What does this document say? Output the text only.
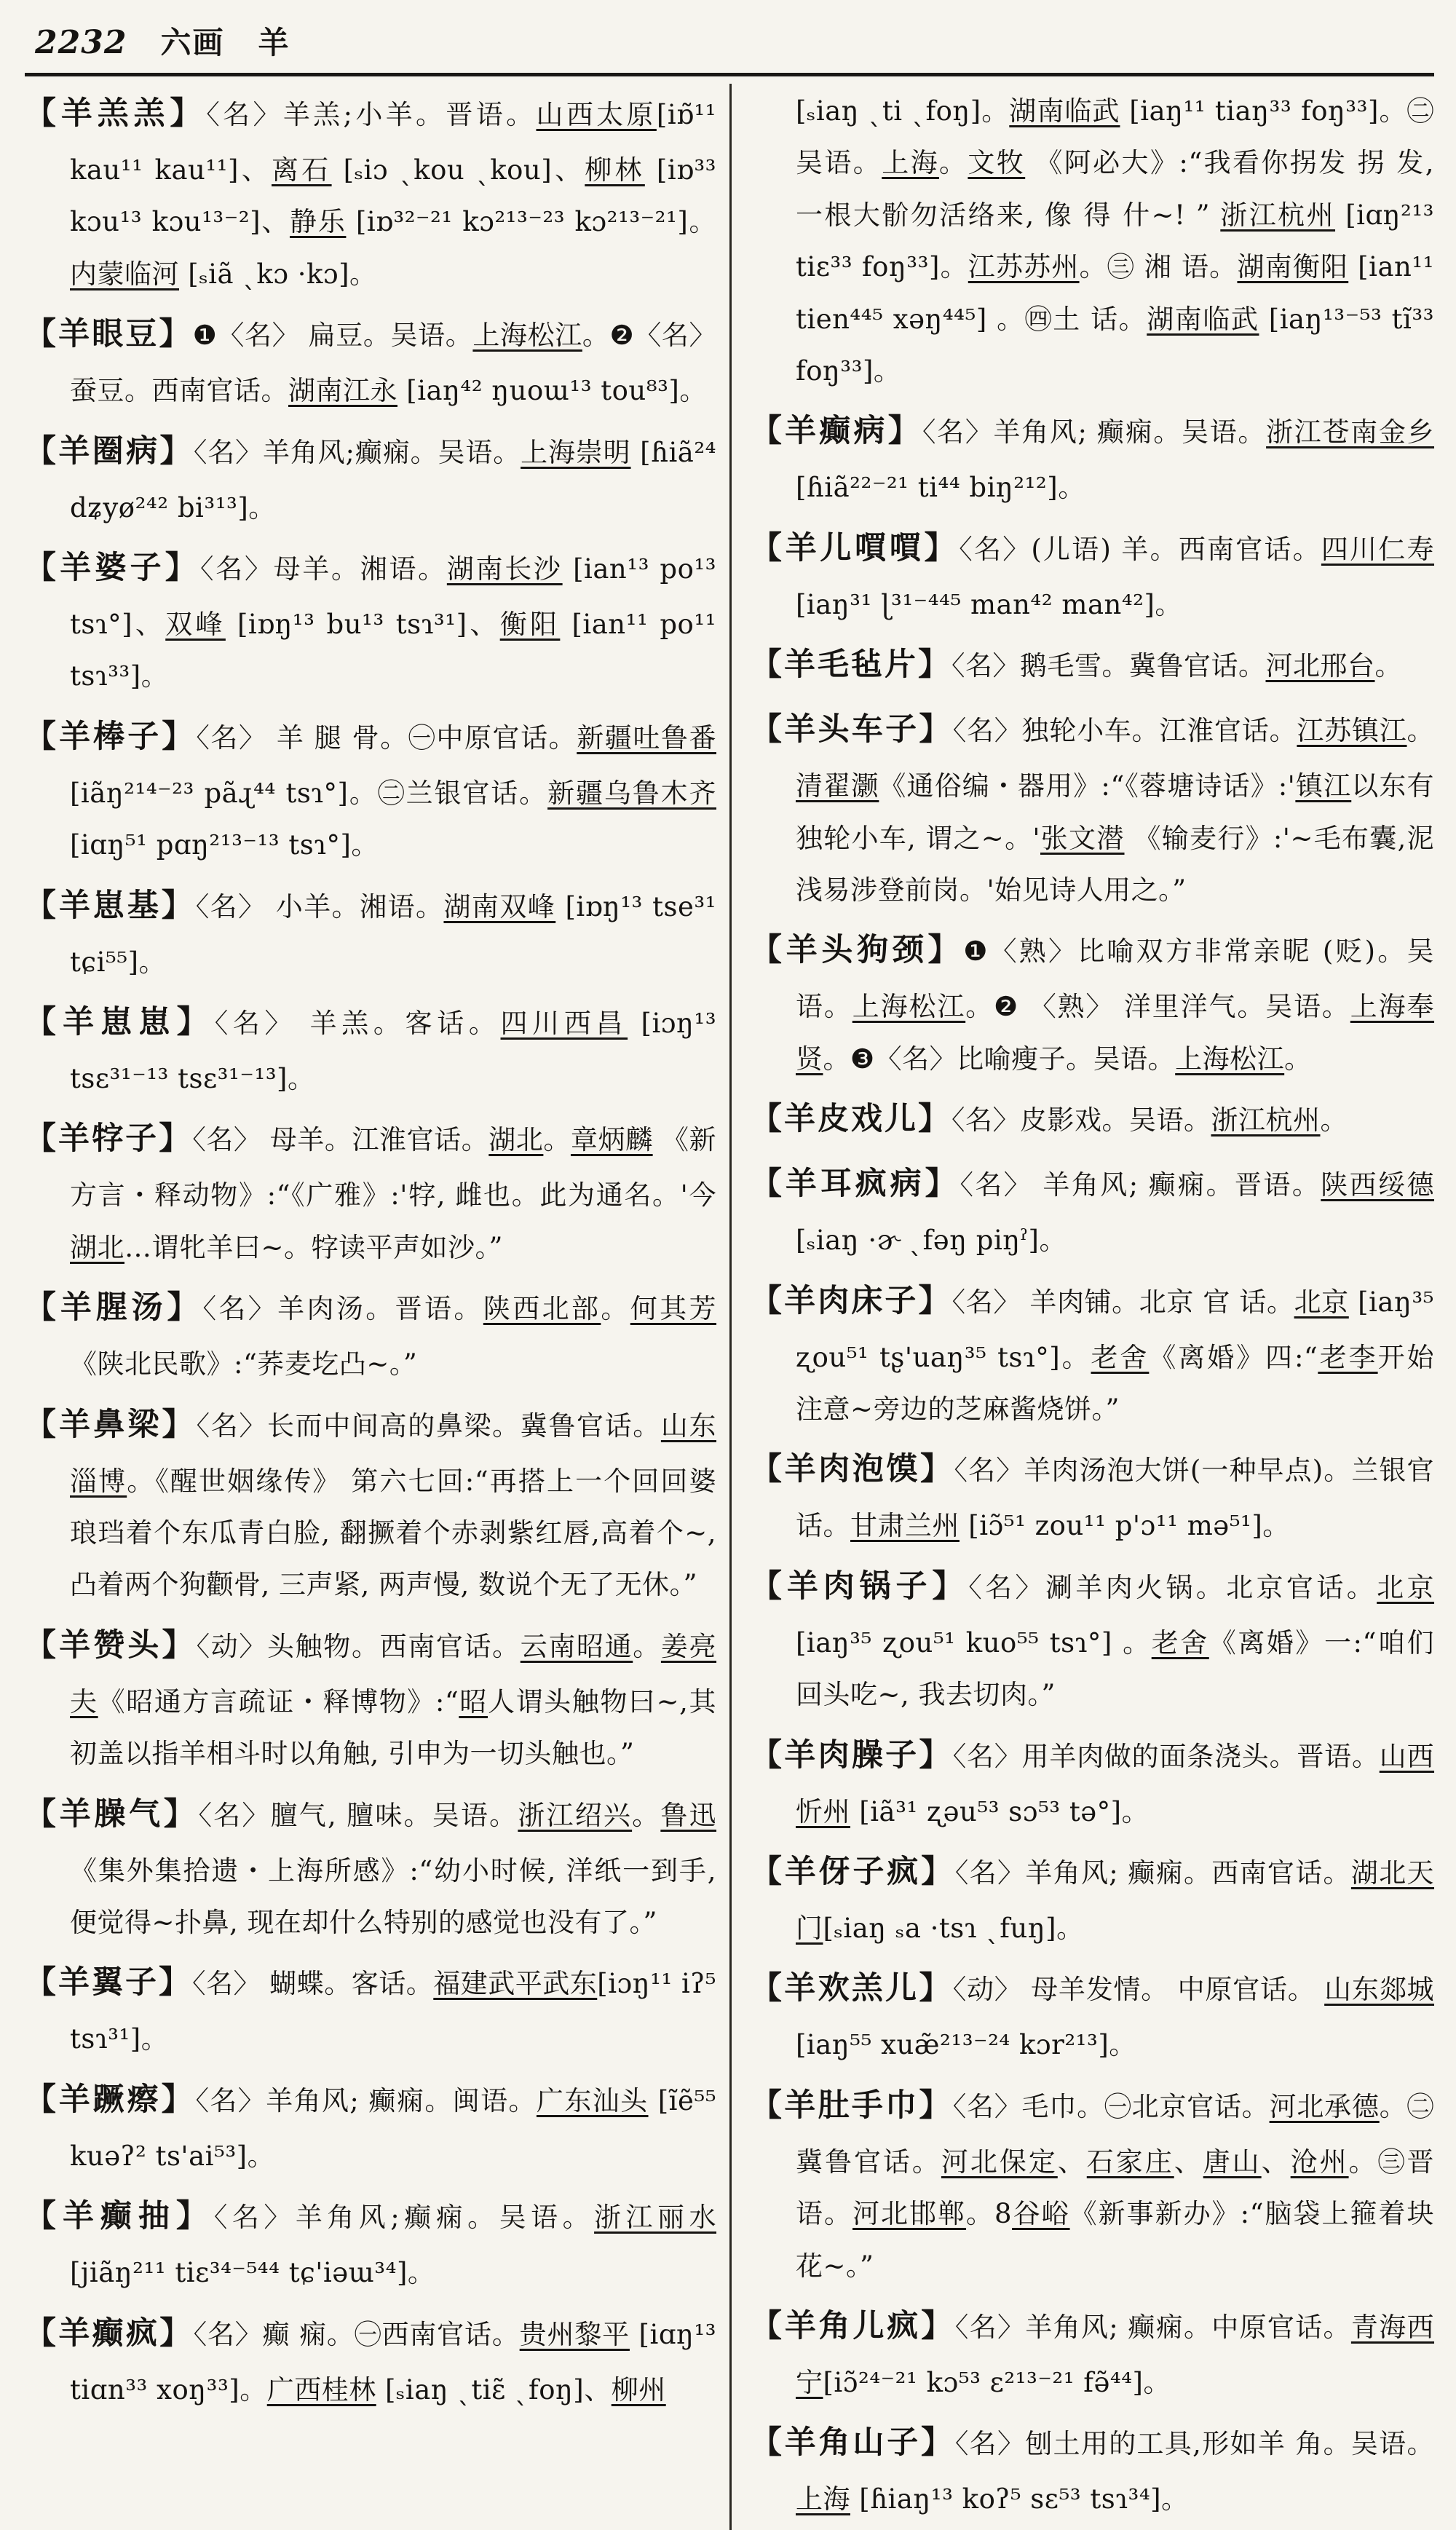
2232 六画 羊
【羊羔羔】〈名〉羊羔;小羊。晋语。山西太原[iɒ̃¹¹ kau¹¹ kau¹¹]、离石 [ₛiɔ ˎkou ˎkou]、柳林 [iɒ³³ kɔu¹³ kɔu¹³⁻²]、静乐 [iɒ³²⁻²¹ kɔ²¹³⁻²³ kɔ²¹³⁻²¹]。内蒙临河 [ₛiã ˎkɔ ·kɔ]。
【羊眼豆】❶〈名〉 扁豆。吴语。上海松江。❷〈名〉蚕豆。西南官话。湖南江永 [iaŋ⁴² ŋuoɯ¹³ tou⁸³]。
【羊圈病】〈名〉羊角风;癫痫。吴语。上海崇明 [ɦiã²⁴ dʑyø²⁴² bi³¹³]。
【羊婆子】〈名〉母羊。湘语。湖南长沙 [ian¹³ po¹³ tsɿ°]、双峰 [iɒŋ¹³ bu¹³ tsɿ³¹]、衡阳 [ian¹¹ po¹¹ tsɿ³³]。
【羊棒子】〈名〉 羊 腿 骨。㊀中原官话。新疆吐鲁番 [iãŋ²¹⁴⁻²³ pãɻ⁴⁴ tsɿ°]。㊁兰银官话。新疆乌鲁木齐 [iɑŋ⁵¹ pɑŋ²¹³⁻¹³ tsɿ°]。
【羊崽基】〈名〉 小羊。湘语。湖南双峰 [iɒŋ¹³ tse³¹ tɕi⁵⁵]。
【羊崽崽】〈名〉 羊羔。客话。四川西昌 [iɔŋ¹³ tsɛ³¹⁻¹³ tsɛ³¹⁻¹³]。
【羊牸子】〈名〉 母羊。江淮官话。湖北。章炳麟 《新方言・释动物》:“《广雅》:'牸, 雌也。此为通名。'今湖北…谓牝羊曰~。牸读平声如沙。”
【羊腥汤】〈名〉羊肉汤。晋语。陕西北部。何其芳《陕北民歌》:“荞麦圪凸~。”
【羊鼻梁】〈名〉长而中间高的鼻梁。冀鲁官话。山东淄博。《醒世姻缘传》 第六七回:“再搭上一个回回婆琅珰着个东瓜青白脸, 翻撅着个赤剥紫红唇,高着个~, 凸着两个狗颧骨, 三声紧, 两声慢, 数说个无了无休。”
【羊赞头】〈动〉头触物。西南官话。云南昭通。姜亮夫《昭通方言疏证・释博物》:“昭人谓头触物曰~,其初盖以指羊相斗时以角触, 引申为一切头触也。”
【羊臊气】〈名〉膻气, 膻味。吴语。浙江绍兴。鲁迅《集外集拾遗・上海所感》:“幼小时候, 洋纸一到手, 便觉得~扑鼻, 现在却什么特别的感觉也没有了。”
【羊翼子】〈名〉 蝴蝶。客话。福建武平武东[iɔŋ¹¹ iʔ⁵ tsɿ³¹]。
【羊蹶瘵】〈名〉羊角风; 癫痫。闽语。广东汕头 [ĩẽ⁵⁵ kuəʔ² ts'ai⁵³]。
【羊癫抽】〈名〉羊角风;癫痫。吴语。浙江丽水[jiãŋ²¹¹ tiɛ³⁴⁻⁵⁴⁴ tɕ'iəɯ³⁴]。
【羊癫疯】〈名〉癫 痫。㊀西南官话。贵州黎平 [iɑŋ¹³ tiɑn³³ xoŋ³³]。广西桂林 [ₛiaŋ ˎtiɛ̃ ˎfoŋ]、柳州
[ₛiaŋ ˎti ˎfoŋ]。湖南临武 [iaŋ¹¹ tiaŋ³³ foŋ³³]。㊁吴语。上海。文牧 《阿必大》:“我看你拐发 拐 发, 一根大骱勿活络来, 像 得 什~! ” 浙江杭州 [iɑŋ²¹³ tiɛ³³ foŋ³³]。江苏苏州。㊂ 湘 语。湖南衡阳 [ian¹¹ tien⁴⁴⁵ xəŋ⁴⁴⁵] 。㊃土 话。湖南临武 [iaŋ¹³⁻⁵³ tĩ³³ foŋ³³]。
【羊癫病】〈名〉羊角风; 癫痫。吴语。浙江苍南金乡 [ɦiã²²⁻²¹ ti⁴⁴ biŋ²¹²]。
【羊儿嘪嘪】〈名〉(儿语) 羊。西南官话。四川仁寿 [iaŋ³¹ ɭ³¹⁻⁴⁴⁵ man⁴² man⁴²]。
【羊毛毡片】〈名〉鹅毛雪。冀鲁官话。河北邢台。
【羊头车子】〈名〉独轮小车。江淮官话。江苏镇江。清翟灏《通俗编・器用》:“《蓉塘诗话》:'镇江以东有独轮小车, 谓之~。'张文潜 《输麦行》:'~毛布囊,泥浅易涉登前岗。'始见诗人用之。”
【羊头狗颈】❶〈熟〉比喻双方非常亲昵 (贬)。吴语。上海松江。❷ 〈熟〉 洋里洋气。吴语。上海奉贤。❸〈名〉比喻瘦子。吴语。上海松江。
【羊皮戏儿】〈名〉皮影戏。吴语。浙江杭州。
【羊耳疯病】〈名〉 羊角风; 癫痫。晋语。陕西绥德 [ₛiaŋ ·ɚ ˎfəŋ piŋˀ]。
【羊肉床子】〈名〉 羊肉铺。北京 官 话。北京 [iaŋ³⁵ ʐou⁵¹ tʂ'uaŋ³⁵ tsɿ°]。老舍《离婚》四:“老李开始注意~旁边的芝麻酱烧饼。”
【羊肉泡馍】〈名〉羊肉汤泡大饼(一种早点)。兰银官话。甘肃兰州 [iɔ̃⁵¹ zou¹¹ p'ɔ¹¹ mə⁵¹]。
【羊肉锅子】〈名〉涮羊肉火锅。北京官话。北京 [iaŋ³⁵ ʐou⁵¹ kuo⁵⁵ tsɿ°] 。老舍《离婚》一:“咱们回头吃~, 我去切肉。”
【羊肉臊子】〈名〉用羊肉做的面条浇头。晋语。山西忻州 [iã³¹ ʐəu⁵³ sɔ⁵³ tə°]。
【羊伢子疯】〈名〉羊角风; 癫痫。西南官话。湖北天门[ₛiaŋ ₛa ·tsɿ ˎfuŋ]。
【羊欢羔儿】〈动〉 母羊发情。 中原官话。 山东郯城 [iaŋ⁵⁵ xuæ̃²¹³⁻²⁴ kɔr²¹³]。
【羊肚手巾】〈名〉毛巾。㊀北京官话。河北承德。㊁冀鲁官话。河北保定、石家庄、唐山、沧州。㊂晋语。河北邯郸。8谷峪《新事新办》:“脑袋上箍着块花~。”
【羊角儿疯】〈名〉羊角风; 癫痫。中原官话。青海西宁[iɔ̃²⁴⁻²¹ kɔ⁵³ ɛ²¹³⁻²¹ fə̃⁴⁴]。
【羊角山子】〈名〉刨土用的工具,形如羊 角。吴语。上海 [ɦiaŋ¹³ koʔ⁵ sɛ⁵³ tsɿ³⁴]。
